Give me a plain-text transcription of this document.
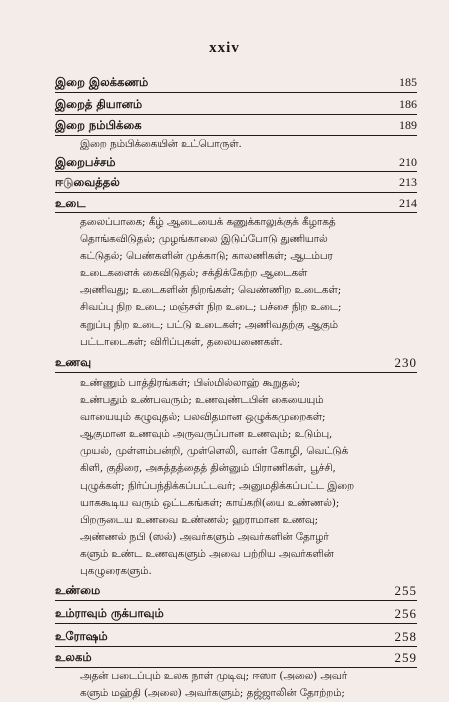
xxiv
இறை இலக்கணம்	185
இறைத் தியானம்	186
இறை நம்பிக்கை	189
இறை நம்பிக்கையின் உட்பொருள்.
இறைபச்சம்	210
ஈடுவைத்தல்	213
உடை	214
தலைப்பாகை; கீழ் ஆடையைக் கணுக்காலுக்குக் கீழாகத்
தொங்கவிடுதல்; முழங்காலை இடுப்போடு துணியால்
கட்டுதல்; பெண்களின் முக்காடு; காலணிகள்; ஆடம்பர
உடைகளைக் கைவிடுதல்; சக்திக்கேற்ற ஆடைகள்
அணிவது; உடைகளின் நிறங்கள்; வெண்ணிற உடைகள்;
சிவப்பு நிற உடை; மஞ்சள் நிற உடை; பச்சை நிற உடை;
கறுப்பு நிற உடை; பட்டு உடைகள்; அணிவதற்கு ஆகும்
பட்டாடைகள்; விரிப்புகள், தலையணைகள்.
உணவு	230
உண்ணும் பாத்திரங்கள்; பிஸ்மில்லாஹ் கூறுதல்;
உண்பதும் உண்பவரும்; உணவுண்டபின் கையையும்
வாயையும் கழுவுதல்; பலவிதமான ஒழுக்கமுறைகள்;
ஆகுமான உணவும் அருவருப்பான உணவும்; உடும்பு,
முயல், முள்ளம்பன்றி, முள்ளெலி, வான் கோழி, வெட்டுக்
கிளி, குதிரை, அசுத்தத்தைத் தின்னும் பிராணிகள், பூச்சி,
புழுக்கள்; நிர்ப்பந்திக்கப்பட்டவர்; அனுமதிக்கப்பட்ட இறை
யாககூடிய வரும் ஒட்டகங்கள்; காய்கறி(யை உண்ணல்);
பிறருடைய உணவை உண்ணல்; ஹராமான உணவு;
அண்ணல் நபி (ஸல்) அவர்களும் அவர்களின் தோழர்
களும் உண்ட உணவுகளும் அவை பற்றிய அவர்களின்
புகழுரைகளும்.
உண்மை	255
உம்ராவும் ருக்பாவும்	256
உரோஷம்	258
உலகம்	259
அதன் படைப்பும் உலக நாள் முடிவு; ஈஸா (அலை) அவர்
களும் மஹ்தி (அலை) அவர்களும்; தஜ்ஜாலின் தோற்றம்;
